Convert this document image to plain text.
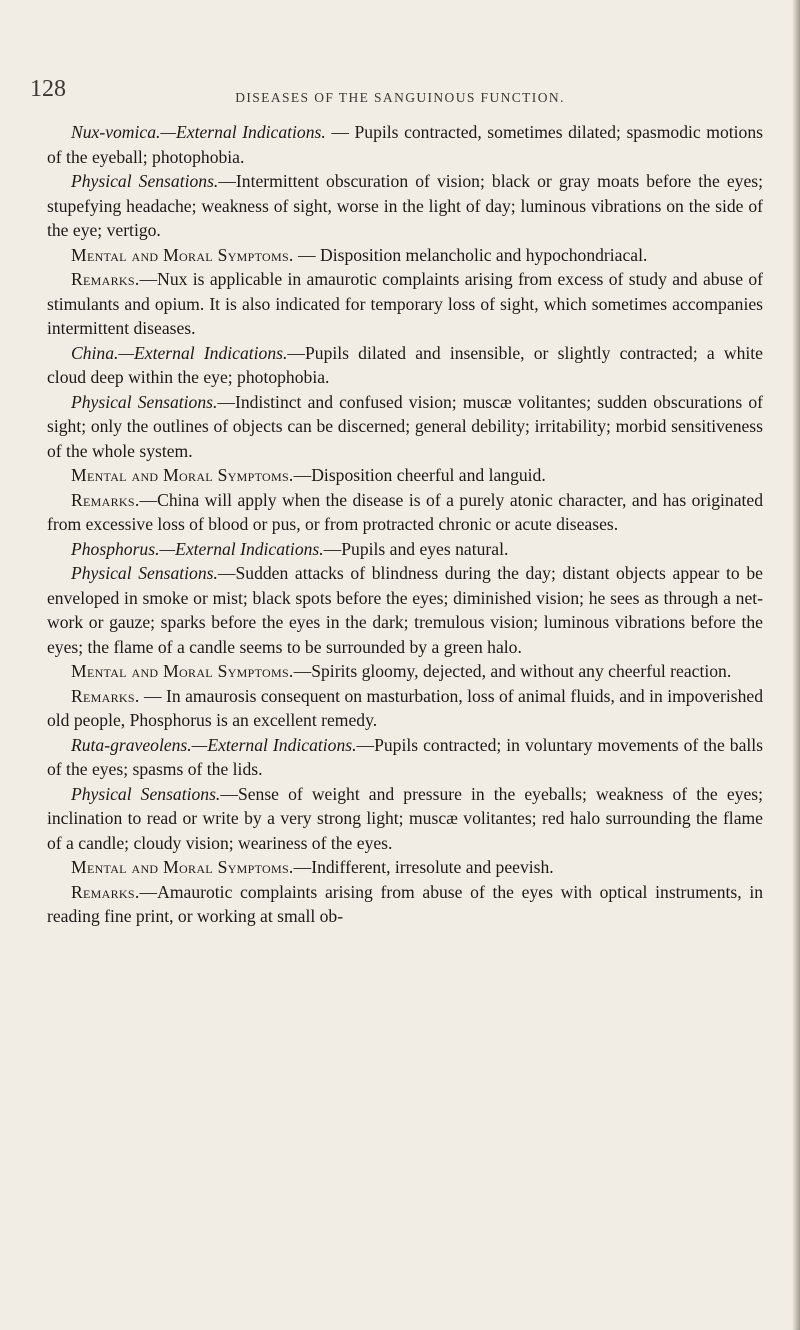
128	DISEASES OF THE SANGUINOUS FUNCTION.

Nux-vomica.—External Indications. — Pupils contracted, sometimes dilated; spasmodic motions of the eyeball; photophobia.

Physical Sensations.—Intermittent obscuration of vision; black or gray moats before the eyes; stupefying headache; weakness of sight, worse in the light of day; luminous vibrations on the side of the eye; vertigo.

Mental and Moral Symptoms. — Disposition melancholic and hypochondriacal.

Remarks.—Nux is applicable in amaurotic complaints arising from excess of study and abuse of stimulants and opium. It is also indicated for temporary loss of sight, which sometimes accompanies intermittent diseases.

China.—External Indications.—Pupils dilated and insensible, or slightly contracted; a white cloud deep within the eye; photophobia.

Physical Sensations.—Indistinct and confused vision; muscæ volitantes; sudden obscurations of sight; only the outlines of objects can be discerned; general debility; irritability; morbid sensitiveness of the whole system.

Mental and Moral Symptoms.—Disposition cheerful and languid.

Remarks.—China will apply when the disease is of a purely atonic character, and has originated from excessive loss of blood or pus, or from protracted chronic or acute diseases.

Phosphorus.—External Indications.—Pupils and eyes natural.

Physical Sensations.—Sudden attacks of blindness during the day; distant objects appear to be enveloped in smoke or mist; black spots before the eyes; diminished vision; he sees as through a net-work or gauze; sparks before the eyes in the dark; tremulous vision; luminous vibrations before the eyes; the flame of a candle seems to be surrounded by a green halo.

Mental and Moral Symptoms.—Spirits gloomy, dejected, and without any cheerful reaction.

Remarks. — In amaurosis consequent on masturbation, loss of animal fluids, and in impoverished old people, Phosphorus is an excellent remedy.

Ruta-graveolens.—External Indications.—Pupils contracted; in voluntary movements of the balls of the eyes; spasms of the lids.

Physical Sensations.—Sense of weight and pressure in the eyeballs; weakness of the eyes; inclination to read or write by a very strong light; muscæ volitantes; red halo surrounding the flame of a candle; cloudy vision; weariness of the eyes.

Mental and Moral Symptoms.—Indifferent, irresolute and peevish.

Remarks.—Amaurotic complaints arising from abuse of the eyes with optical instruments, in reading fine print, or working at small ob-
